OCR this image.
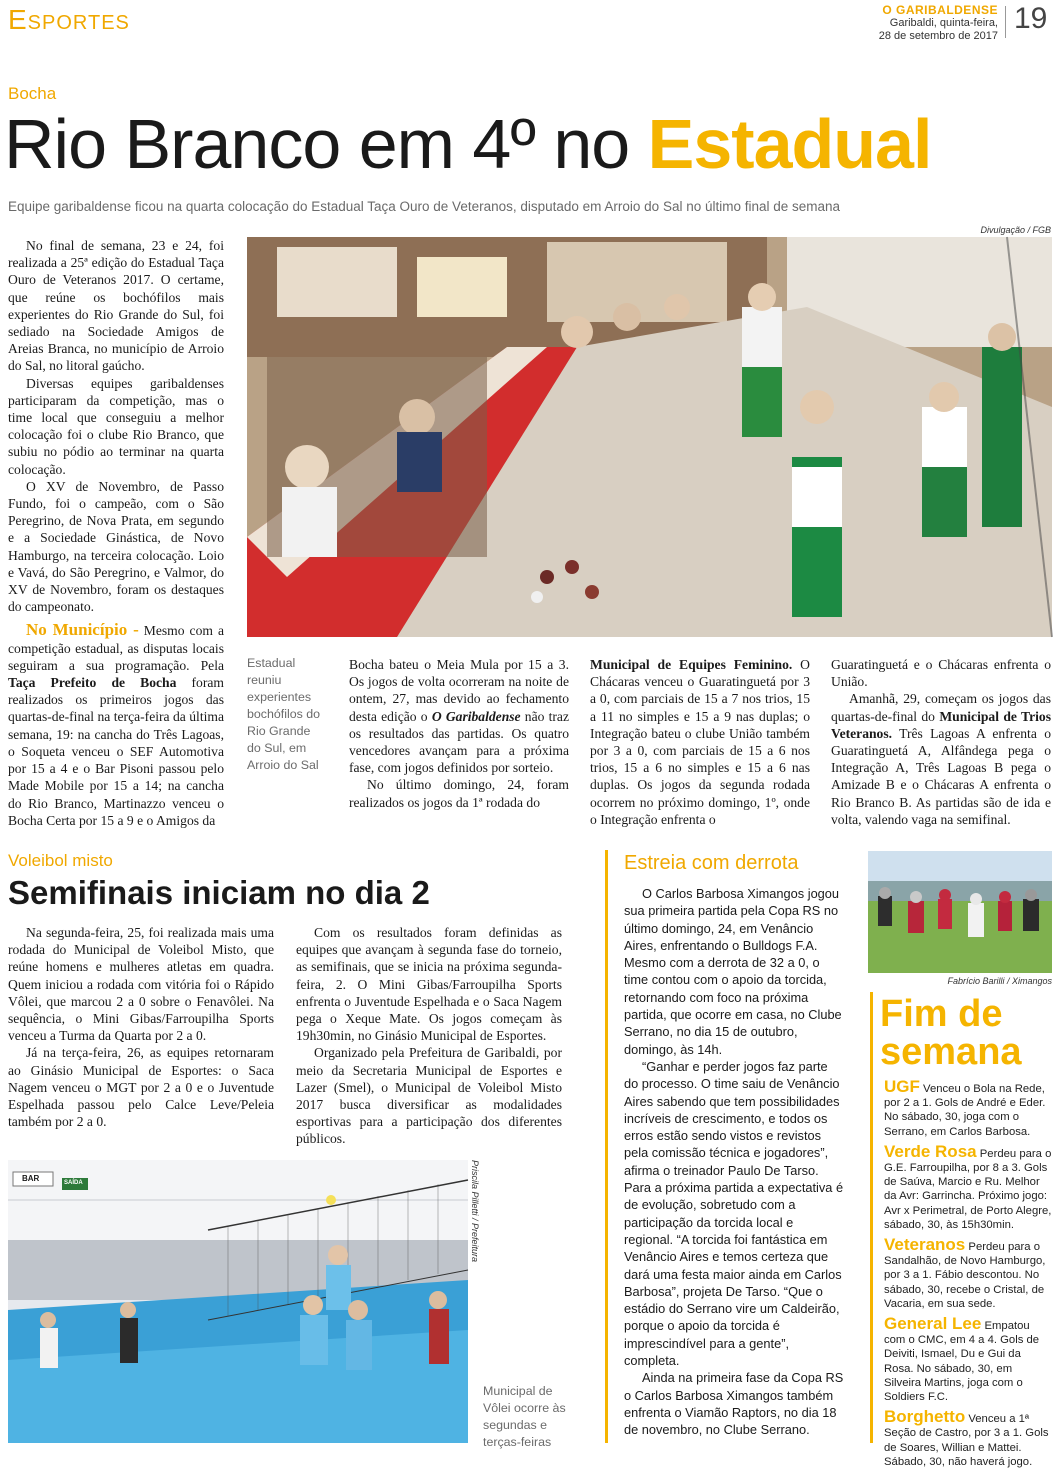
Esportes	O GARIBALDENSE
Garibaldi, quinta-feira,
28 de setembro de 2017
19
Bocha
Rio Branco em 4º no Estadual
Equipe garibaldense ficou na quarta colocação do Estadual Taça Ouro de Veteranos, disputado em Arroio do Sal no último final de semana
Divulgação / FGB
Estadual reuniu experientes bochófilos do Rio Grande do Sul, em Arroio do Sal

No final de semana, 23 e 24, foi realizada a 25ª edição do Estadual Taça Ouro de Veteranos 2017. O certame, que reúne os bochófilos mais experientes do Rio Grande do Sul, foi sediado na Sociedade Amigos de Areias Branca, no município de Arroio do Sal, no litoral gaúcho.

Diversas equipes garibaldenses participaram da competição, mas o time local que conseguiu a melhor colocação foi o clube Rio Branco, que subiu no pódio ao terminar na quarta colocação.

O XV de Novembro, de Passo Fundo, foi o campeão, com o São Peregrino, de Nova Prata, em segundo e a Sociedade Ginástica, de Novo Hamburgo, na terceira colocação. Loio e Vavá, do São Peregrino, e Valmor, do XV de Novembro, foram os destaques do campeonato.

No Município - Mesmo com a competição estadual, as disputas locais seguiram a sua programação. Pela Taça Prefeito de Bocha foram realizados os primeiros jogos das quartas-de-final na terça-feira da última semana, 19: na cancha do Três Lagoas, o Soqueta venceu o SEF Automotiva por 15 a 4 e o Bar Pisoni passou pelo Made Mobile por 15 a 14; na cancha do Rio Branco, Martinazzo venceu o Bocha Certa por 15 a 9 e o Amigos da

Bocha bateu o Meia Mula por 15 a 3. Os jogos de volta ocorreram na noite de ontem, 27, mas devido ao fechamento desta edição o O Garibaldense não traz os resultados das partidas. Os quatro vencedores avançam para a próxima fase, com jogos definidos por sorteio.

No último domingo, 24, foram realizados os jogos da 1ª rodada do

Municipal de Equipes Feminino. O Chácaras venceu o Guaratinguetá por 3 a 0, com parciais de 15 a 7 nos trios, 15 a 11 no simples e 15 a 9 nas duplas; o Integração bateu o clube União também por 3 a 0, com parciais de 15 a 6 nos trios, 15 a 6 no simples e 15 a 6 nas duplas. Os jogos da segunda rodada ocorrem no próximo domingo, 1º, onde o Integração enfrenta o

Guaratinguetá e o Chácaras enfrenta o União.

Amanhã, 29, começam os jogos das quartas-de-final do Municipal de Trios Veteranos. Três Lagoas A enfrenta o Guaratinguetá A, Alfândega pega o Integração A, Três Lagoas B pega o Amizade B e o Chácaras A enfrenta o Rio Branco B. As partidas são de ida e volta, valendo vaga na semifinal.

Voleibol misto
Semifinais iniciam no dia 2

Na segunda-feira, 25, foi realizada mais uma rodada do Municipal de Voleibol Misto, que reúne homens e mulheres atletas em quadra. Quem iniciou a rodada com vitória foi o Rápido Vôlei, que marcou 2 a 0 sobre o Fenavôlei. Na sequência, o Mini Gibas/Farroupilha Sports venceu a Turma da Quarta por 2 a 0.

Já na terça-feira, 26, as equipes retornaram ao Ginásio Municipal de Esportes: o Saca Nagem venceu o MGT por 2 a 0 e o Juventude Espelhada passou pelo Calce Leve/Peleia também por 2 a 0.

Com os resultados foram definidas as equipes que avançam à segunda fase do torneio, as semifinais, que se inicia na próxima segunda-feira, 2. O Mini Gibas/Farroupilha Sports enfrenta o Juventude Espelhada e o Saca Nagem pega o Xeque Mate. Os jogos começam às 19h30min, no Ginásio Municipal de Esportes.

Organizado pela Prefeitura de Garibaldi, por meio da Secretaria Municipal de Esportes e Lazer (Smel), o Municipal de Voleibol Misto 2017 busca diversificar as modalidades esportivas para a participação dos diferentes públicos.

BAR	SAÍDA	Priscila Pilletti / Prefeitura
Municipal de Vôlei ocorre às segundas e terças-feiras
Estreia com derrota

O Carlos Barbosa Ximangos jogou sua primeira partida pela Copa RS no último domingo, 24, em Venâncio Aires, enfrentando o Bulldogs F.A. Mesmo com a derrota de 32 a 0, o time contou com o apoio da torcida, retornando com foco na próxima partida, que ocorre em casa, no Clube Serrano, no dia 15 de outubro, domingo, às 14h.

“Ganhar e perder jogos faz parte do processo. O time saiu de Venâncio Aires sabendo que tem possibilidades incríveis de crescimento, e todos os erros estão sendo vistos e revistos pela comissão técnica e jogadores”, afirma o treinador Paulo De Tarso. Para a próxima partida a expectativa é de evolução, sobretudo com a participação da torcida local e regional. “A torcida foi fantástica em Venâncio Aires e temos certeza que dará uma festa maior ainda em Carlos Barbosa”, projeta De Tarso. “Que o estádio do Serrano vire um Caldeirão, porque o apoio da torcida é imprescindível para a gente”, completa.

Ainda na primeira fase da Copa RS o Carlos Barbosa Ximangos também enfrenta o Viamão Raptors, no dia 18 de novembro, no Clube Serrano.

Fabrício Barilli / Ximangos
Fim de
semana

UGF Venceu o Bola na Rede, por 2 a 1. Gols de André e Eder. No sábado, 30, joga com o Serrano, em Carlos Barbosa.

Verde Rosa Perdeu para o G.E. Farroupilha, por 8 a 3. Gols de Saúva, Marcio e Ru. Melhor da Avr: Garrincha. Próximo jogo: Avr x Perimetral, de Porto Alegre, sábado, 30, às 15h30min.

Veteranos Perdeu para o Sandalhão, de Novo Hamburgo, por 3 a 1. Fábio descontou. No sábado, 30, recebe o Cristal, de Vacaria, em sua sede.

General Lee Empatou com o CMC, em 4 a 4. Gols de Deiviti, Ismael, Du e Gui da Rosa. No sábado, 30, em Silveira Martins, joga com o Soldiers F.C.

Borghetto Venceu a 1ª Seção de Castro, por 3 a 1. Gols de Soares, Willian e Mattei. Sábado, 30, não haverá jogo.
